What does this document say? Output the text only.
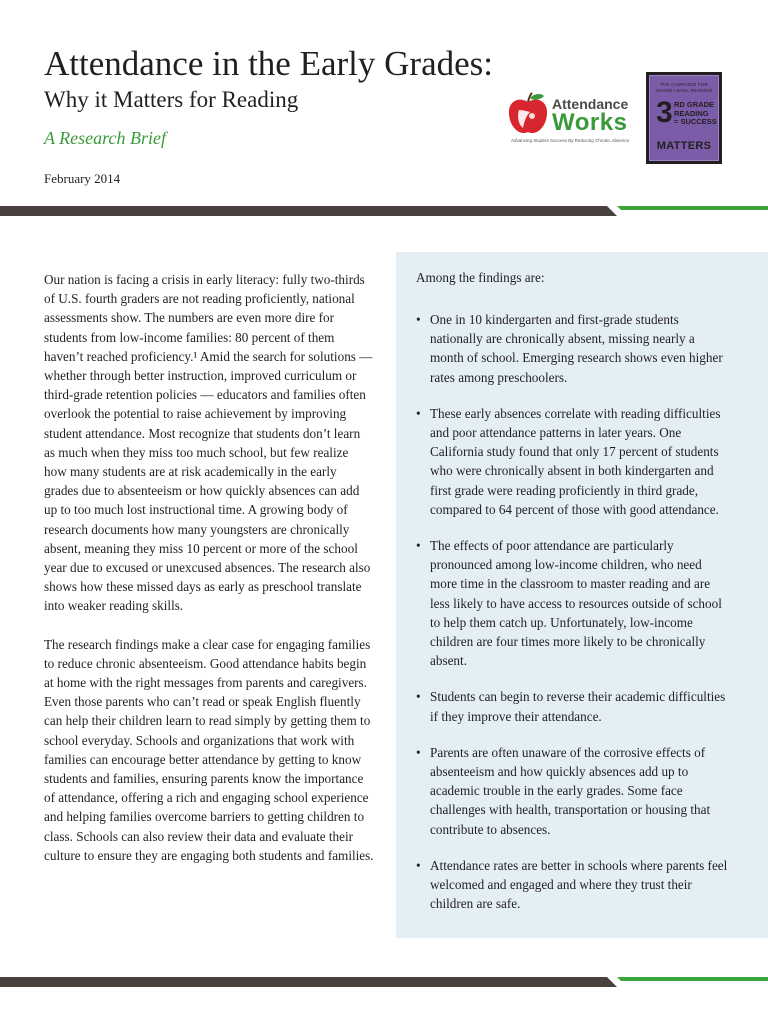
Attendance in the Early Grades:
Why it Matters for Reading
A Research Brief
February 2014
Attendance
Works
Advancing Student Success By Reducing Chronic Absence
THE CAMPAIGN FOR
GRADE-LEVEL READING
3 RD GRADE
READING
= SUCCESS
MATTERS

Our nation is facing a crisis in early literacy: fully two-thirds of U.S. fourth graders are not reading proficiently, national assessments show. The numbers are even more dire for students from low-income families: 80 percent of them haven’t reached proficiency.¹ Amid the search for solutions — whether through better instruction, improved curriculum or third-grade retention policies — educators and families often overlook the potential to raise achievement by improving student attendance. Most recognize that students don’t learn as much when they miss too much school, but few realize how many students are at risk academically in the early grades due to absenteeism or how quickly absences can add up to too much lost instructional time. A growing body of research documents how many youngsters are chronically absent, meaning they miss 10 percent or more of the school year due to excused or unexcused absences. The research also shows how these missed days as early as preschool translate into weaker reading skills.

The research findings make a clear case for engaging families to reduce chronic absenteeism. Good attendance habits begin at home with the right messages from parents and caregivers. Even those parents who can’t read or speak English fluently can help their children learn to read simply by getting them to school everyday. Schools and organizations that work with families can encourage better attendance by getting to know students and families, ensuring parents know the importance of attendance, offering a rich and engaging school experience and helping families overcome barriers to getting children to class. Schools can also review their data and evaluate their culture to ensure they are engaging both students and families.

Among the findings are:
• One in 10 kindergarten and first-grade students nationally are chronically absent, missing nearly a month of school. Emerging research shows even higher rates among preschoolers.
• These early absences correlate with reading difficulties and poor attendance patterns in later years. One California study found that only 17 percent of students who were chronically absent in both kindergarten and first grade were reading proficiently in third grade, compared to 64 percent of those with good attendance.
• The effects of poor attendance are particularly pronounced among low-income children, who need more time in the classroom to master reading and are less likely to have access to resources outside of school to help them catch up. Unfortunately, low-income children are four times more likely to be chronically absent.
• Students can begin to reverse their academic difficulties if they improve their attendance.
• Parents are often unaware of the corrosive effects of absenteeism and how quickly absences add up to academic trouble in the early grades. Some face challenges with health, transportation or housing that contribute to absences.
• Attendance rates are better in schools where parents feel welcomed and engaged and where they trust their children are safe.
